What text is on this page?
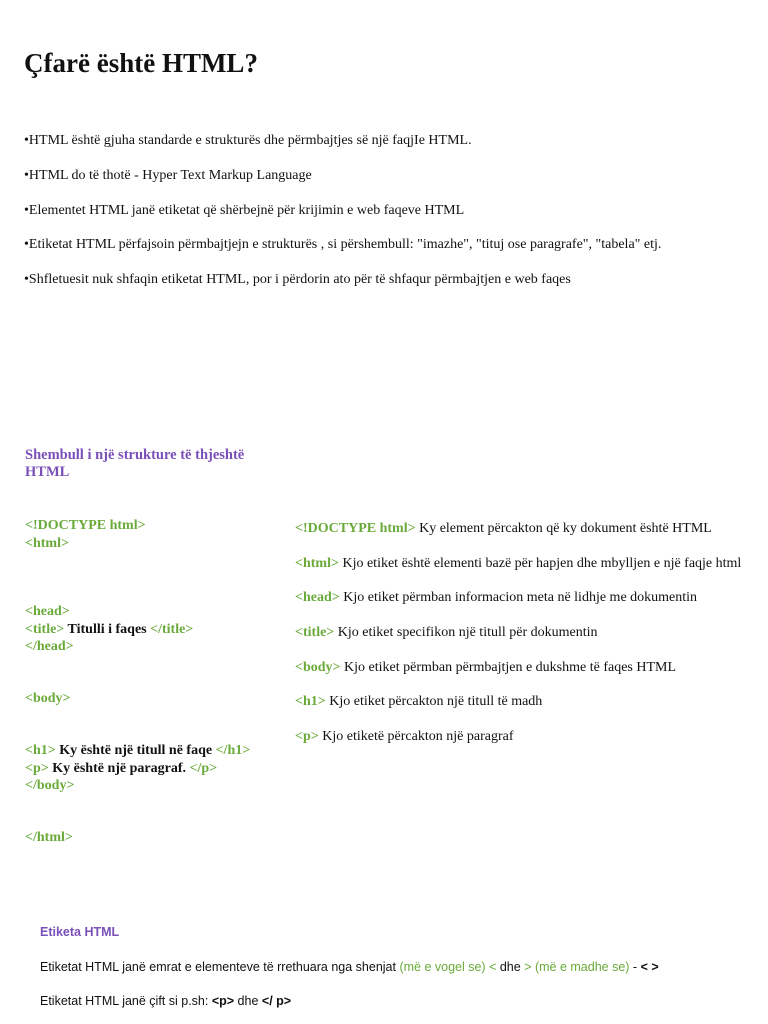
Çfarë është HTML?
•HTML është gjuha standarde e strukturës dhe përmbajtjes së një faqjIe HTML.
•HTML do të thotë - Hyper Text Markup Language
•Elementet HTML janë etiketat që shërbejnë për krijimin e web faqeve HTML
•Etiketat HTML përfajsoin përmbajtjejn e strukturës , si përshembull: "imazhe", "tituj ose paragrafe", "tabela" etj.
•Shfletuesit nuk shfaqin etiketat HTML, por i përdorin ato për të shfaqur përmbajtjen e web faqes
Shembull i një strukture të thjeshtë
HTML
<!DOCTYPE html>
<html>
<head>
<title> Titulli i faqes </title>
</head>
<body>
<h1> Ky është një titull në faqe </h1>
<p> Ky është një paragraf. </p>
</body>
</html>
<!DOCTYPE html> Ky element përcakton që ky dokument është HTML
<html> Kjo etiket është elementi bazë për hapjen dhe mbylljen e një faqje html
<head> Kjo etiket përmban informacion meta në lidhje me dokumentin
<title> Kjo etiket specifikon një titull për dokumentin
<body> Kjo etiket përmban përmbajtjen e dukshme të faqes HTML
<h1> Kjo etiket përcakton një titull të madh
<p> Kjo etiketë përcakton një paragraf
Etiketa HTML
Etiketat HTML janë emrat e elementeve të rrethuara nga shenjat (më e vogel se) < dhe > (më e madhe se) - < >
Etiketat HTML janë çift si p.sh: <p> dhe </ p>
